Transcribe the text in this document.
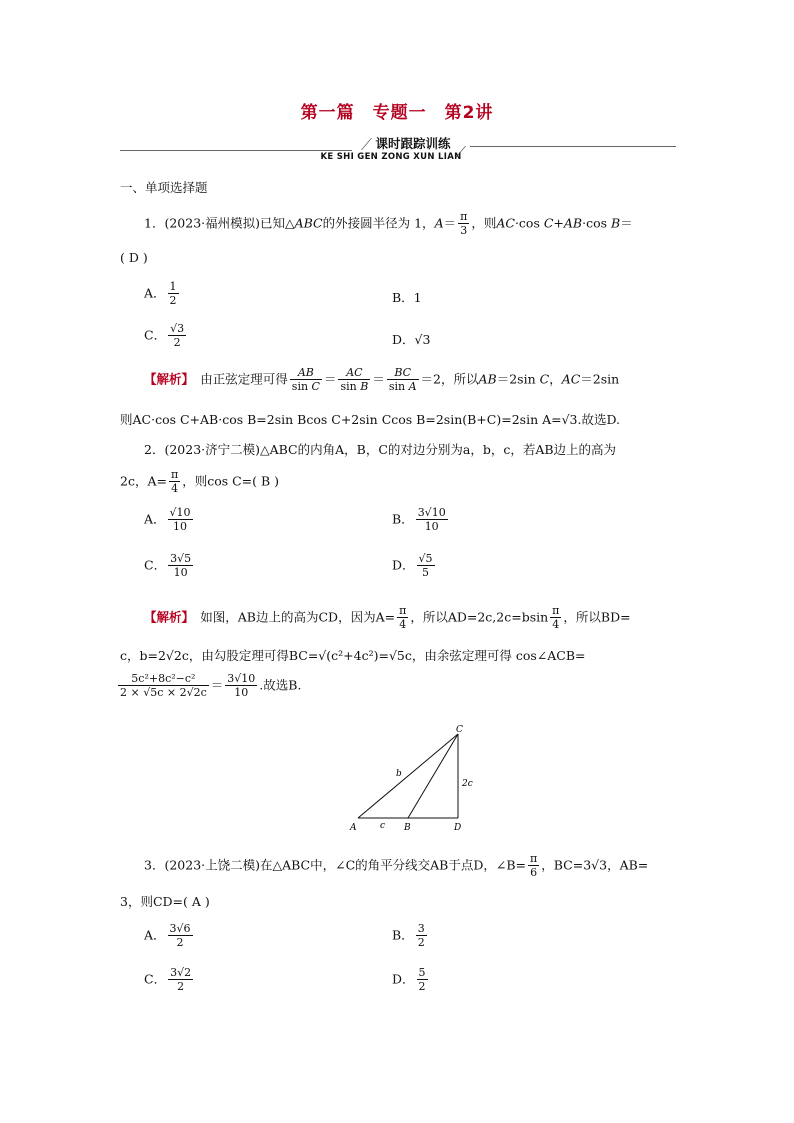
第一篇　专题一　第2讲
课时跟踪训练
KE SHI GEN ZONG XUN LIAN
一、单项选择题
1．(2023·福州模拟)已知△ABC的外接圆半径为 1，$A= \frac{\pi}{3}$ ，则AC·cos C+AB·cos B＝
( D )
A． $\frac{1}{2}$	B．1
C． $\frac{√3}{2}$	D．√3
【解析】　 由正弦定理可得 $\frac{AB}{\text{sin C}} = \frac{AC}{\text{sin B}} = \frac{BC}{\text{sin A}} =2$，所以AB＝2sin C，AC＝2sin
则AC·cos C+AB·cos B=2sin Bcos C+2sin Ccos B=2sin(B+C)=2sin A=√3.故选D.
2．(2023·济宁二模)△ABC的内角A，B，C的对边分别为a，b，c，若AB边上的高为
2c，$A= \frac{\pi}{4}$ ，则cos C=( B )
A． $\frac{√10}{10}$	B． $\frac{3√10}{10}$
C． $\frac{3√5}{10}$	D． $\frac{√5}{5}$
【解析】　 如图，AB边上的高为CD，因为$A= \frac{\pi}{4}$ ，所以$AD=2c,2c=bsin \frac{\pi}{4}$ ，所以BD=
c，b=2√2c，由勾股定理可得BC=√(c²+4c²)=√5c，由余弦定理可得 cos∠ACB=
$\frac{\text{5c²+8c²−c²}}{2 \times √5c \times 2√2c} = \frac{3√10}{10}$ .故选B.
A	B
C
D
b
c
2c
3．(2023·上饶二模)在△ABC中，∠C的角平分线交AB于点D，∠B= $\frac{\pi}{6}$ ，BC=3√3，AB=
3，则CD=( A )
A． $\frac{3√6}{2}$	B． $\frac{3}{2}$
C． $\frac{3√2}{2}$	D． $\frac{5}{2}$
